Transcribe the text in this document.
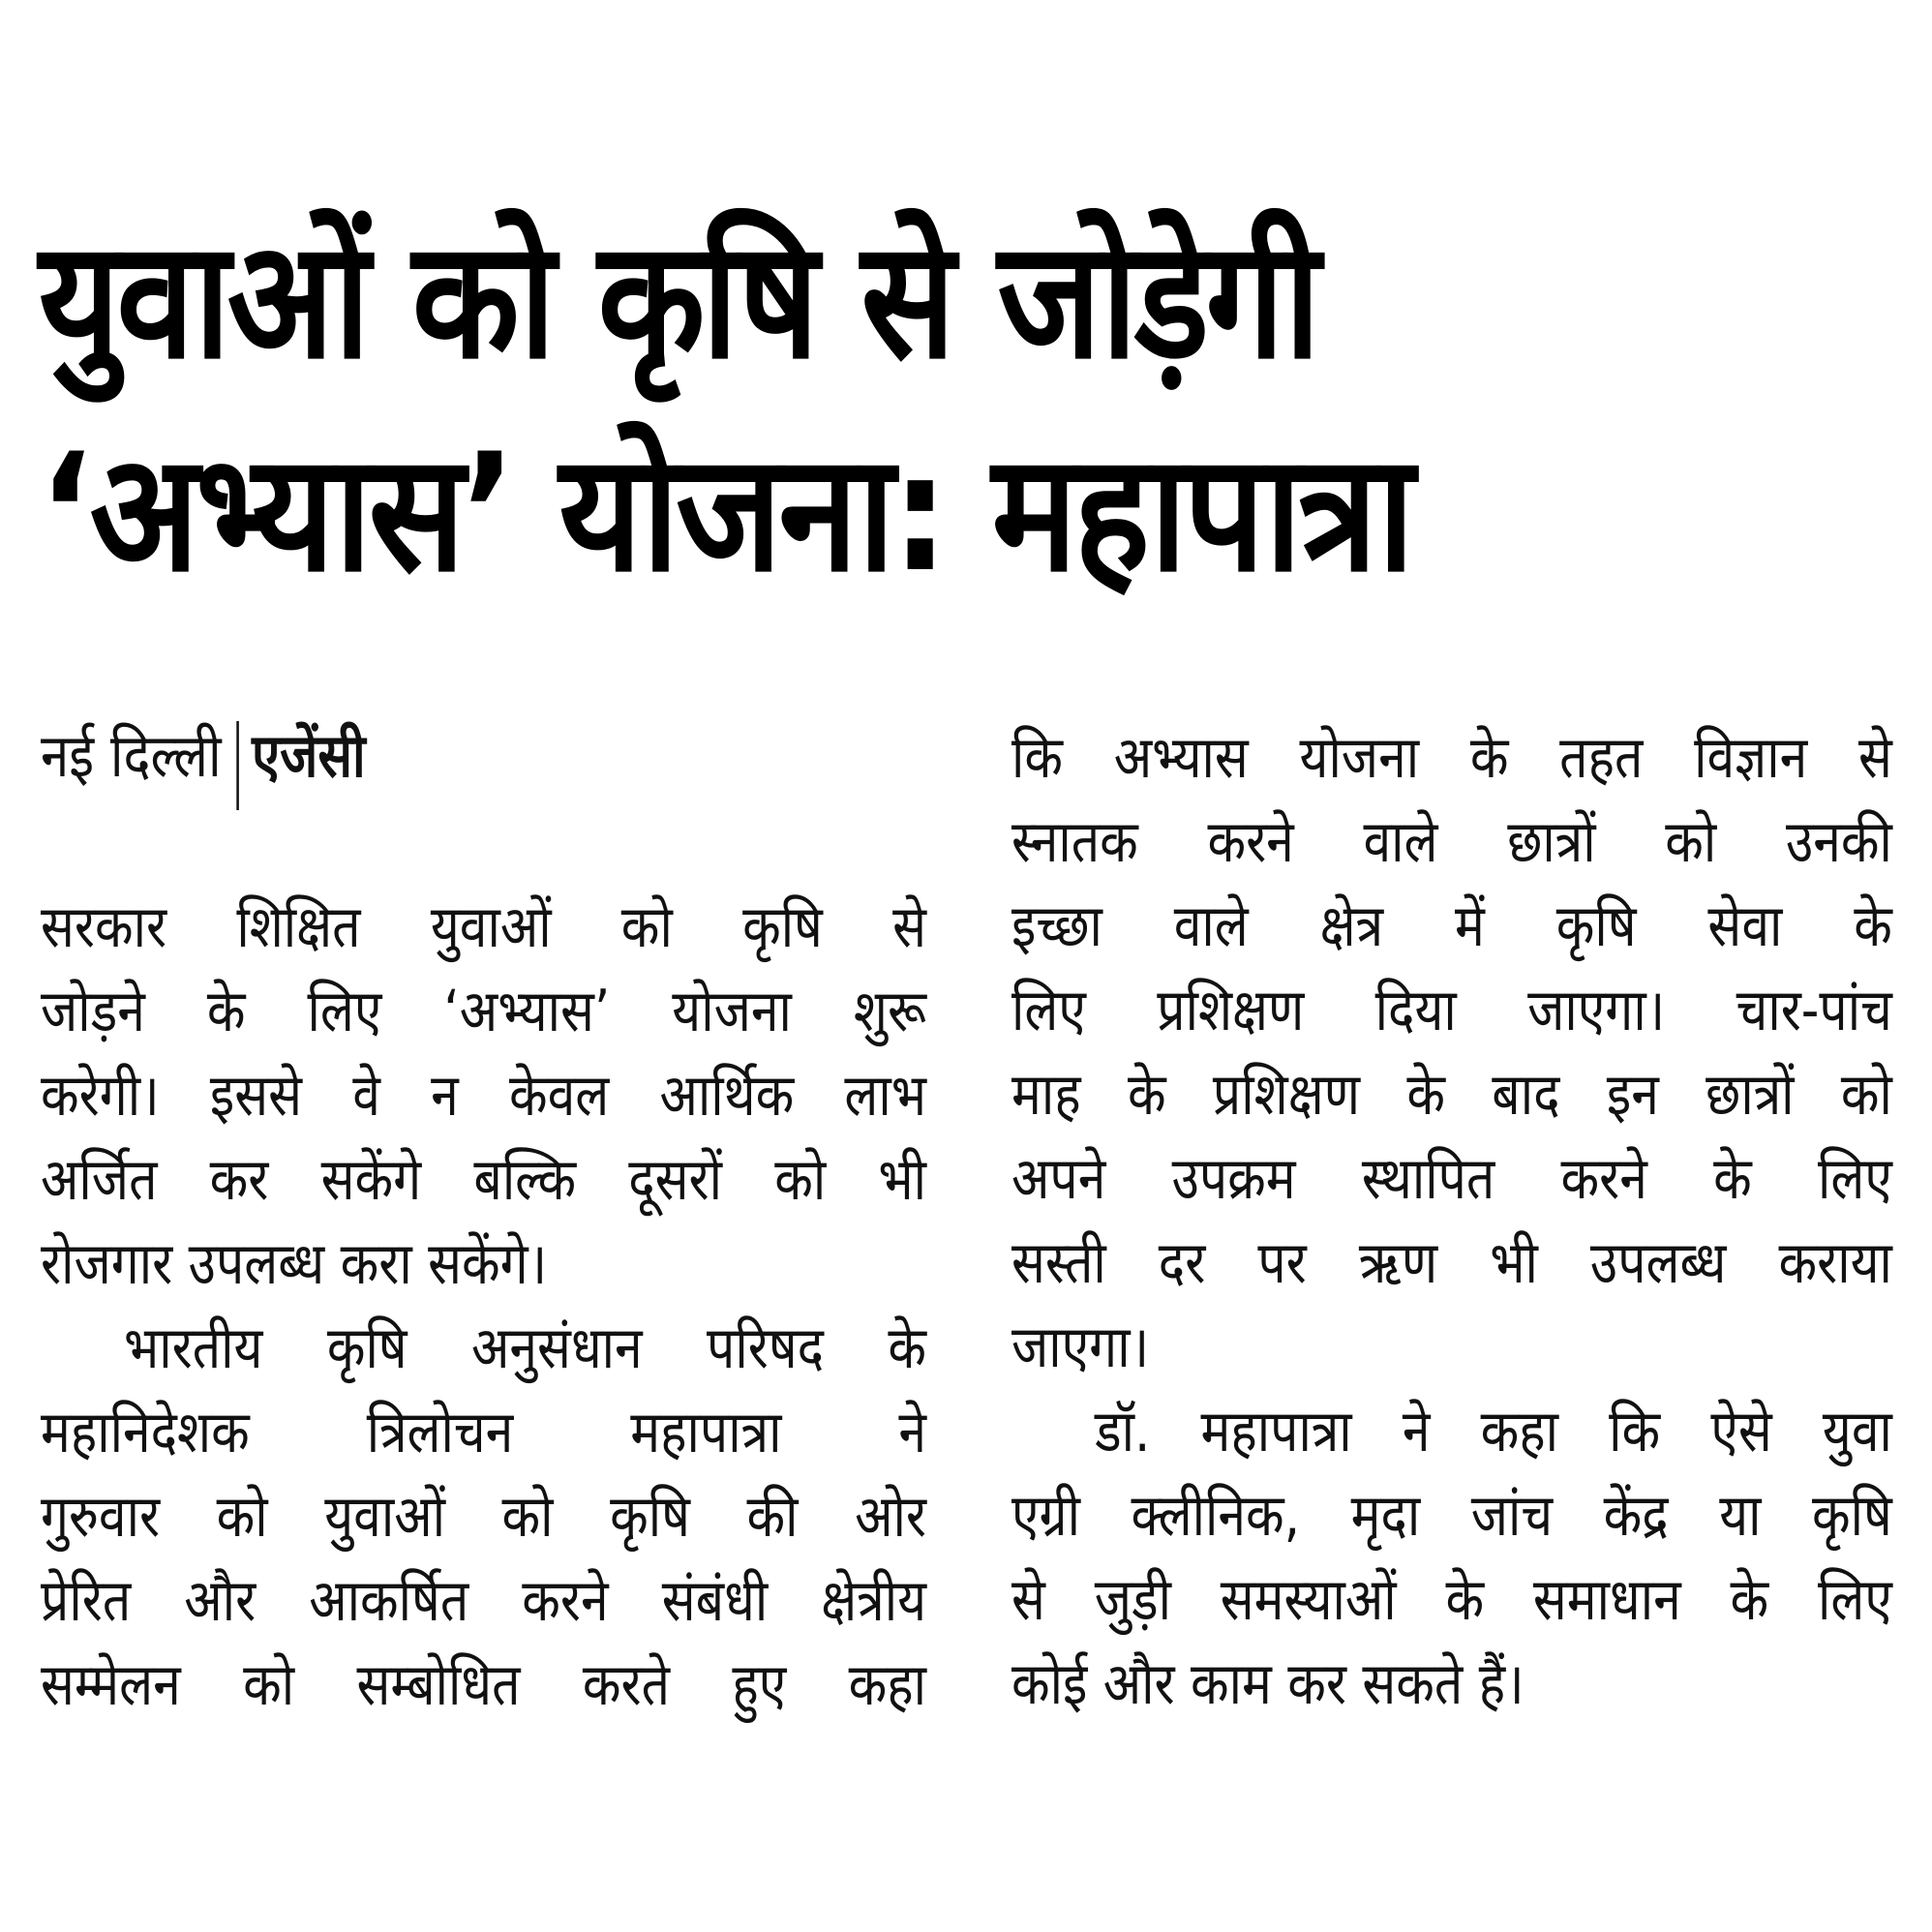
युवाओं को कृषि से जोड़ेगी
‘अभ्यास’ योजना: महापात्रा
नई दिल्ली एजेंसी

सरकार शिक्षित युवाओं को कृषि से
जोड़ने के लिए ‘अभ्यास’ योजना शुरू
करेगी। इससे वे न केवल आर्थिक लाभ
अर्जित कर सकेंगे बल्कि दूसरों को भी
रोजगार उपलब्ध करा सकेंगे।

भारतीय कृषि अनुसंधान परिषद के
महानिदेशक त्रिलोचन महापात्रा ने
गुरुवार को युवाओं को कृषि की ओर
प्रेरित और आकर्षित करने संबंधी क्षेत्रीय
सम्मेलन को सम्बोधित करते हुए कहा

कि अभ्यास योजना के तहत विज्ञान से
स्नातक करने वाले छात्रों को उनकी
इच्छा वाले क्षेत्र में कृषि सेवा के
लिए प्रशिक्षण दिया जाएगा। चार-पांच
माह के प्रशिक्षण के बाद इन छात्रों को
अपने उपक्रम स्थापित करने के लिए
सस्ती दर पर ऋण भी उपलब्ध कराया
जाएगा।

डॉ. महापात्रा ने कहा कि ऐसे युवा
एग्री क्लीनिक, मृदा जांच केंद्र या कृषि
से जुड़ी समस्याओं के समाधान के लिए
कोई और काम कर सकते हैं।
